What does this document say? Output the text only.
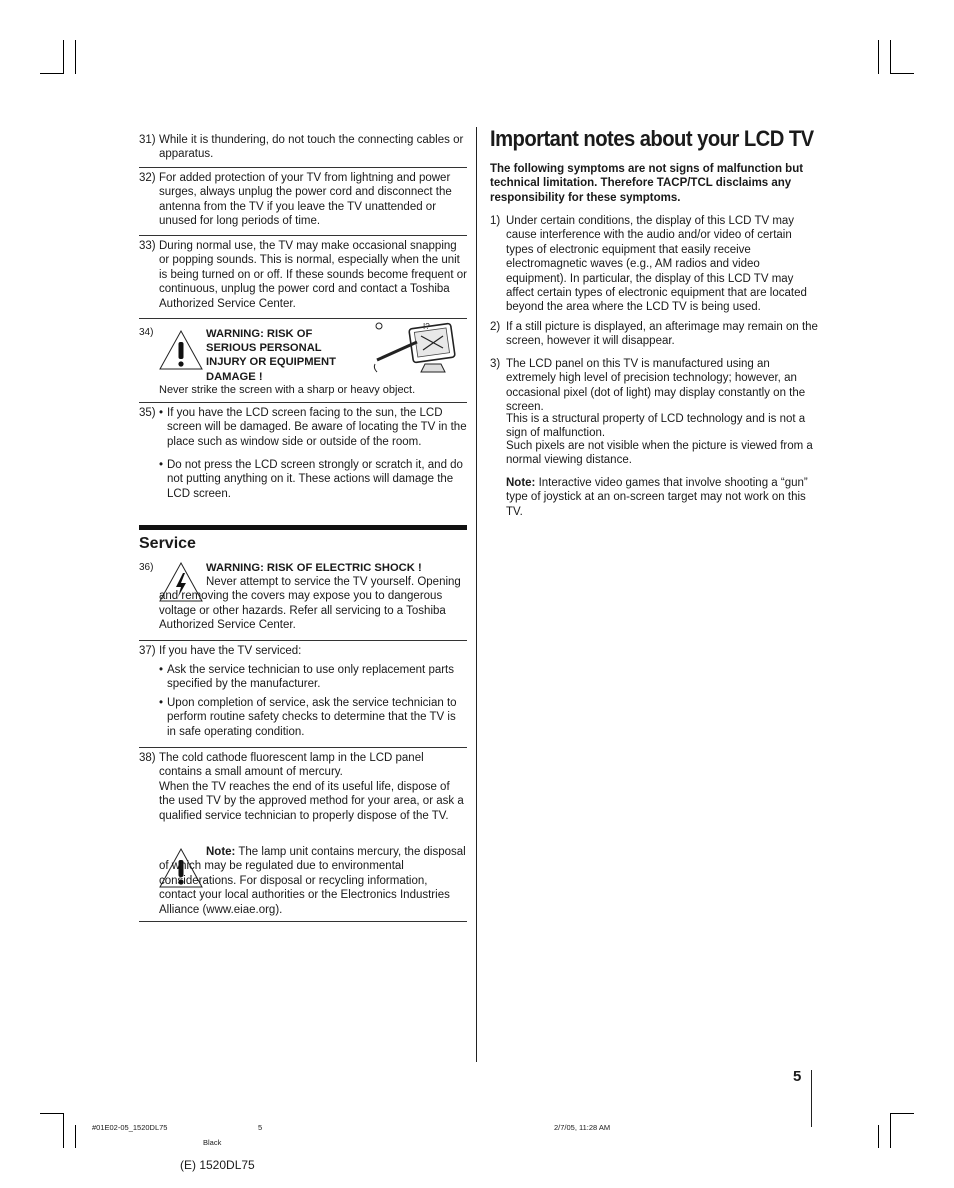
31) While it is thundering, do not touch the connecting cables or apparatus.
32) For added protection of your TV from lightning and power surges, always unplug the power cord and disconnect the antenna from the TV if you leave the TV unattended or unused for long periods of time.
33) During normal use, the TV may make occasional snapping or popping sounds. This is normal, especially when the unit is being turned on or off. If these sounds become frequent or continuous, unplug the power cord and contact a Toshiba Authorized Service Center.
34)	WARNING: RISK OF SERIOUS PERSONAL INJURY OR EQUIPMENT DAMAGE !
!?
Never strike the screen with a sharp or heavy object.
35) • If you have the LCD screen facing to the sun, the LCD screen will be damaged. Be aware of locating the TV in the place such as window side or outside of the room.
• Do not press the LCD screen strongly or scratch it, and do not putting anything on it. These actions will damage the LCD screen.
Service
36)	WARNING: RISK OF ELECTRIC SHOCK !
Never attempt to service the TV yourself. Opening and removing the covers may expose you to dangerous voltage or other hazards. Refer all servicing to a Toshiba Authorized Service Center.
37) If you have the TV serviced:
• Ask the service technician to use only replacement parts specified by the manufacturer.
• Upon completion of service, ask the service technician to perform routine safety checks to determine that the TV is in safe operating condition.
38) The cold cathode fluorescent lamp in the LCD panel contains a small amount of mercury.
When the TV reaches the end of its useful life, dispose of the used TV by the approved method for your area, or ask a qualified service technician to properly dispose of the TV.
Note: The lamp unit contains mercury, the disposal of which may be regulated due to environmental considerations. For disposal or recycling information, contact your local authorities or the Electronics Industries Alliance (www.eiae.org).
Important notes about your LCD TV
The following symptoms are not signs of malfunction but technical limitation. Therefore TACP/TCL disclaims any responsibility for these symptoms.
1) Under certain conditions, the display of this LCD TV may cause interference with the audio and/or video of certain types of electronic equipment that easily receive electromagnetic waves (e.g., AM radios and video equipment). In particular, the display of this LCD TV may affect certain types of electronic equipment that are located beyond the area where the LCD TV is being used.
2) If a still picture is displayed, an afterimage may remain on the screen, however it will disappear.
3) The LCD panel on this TV is manufactured using an extremely high level of precision technology; however, an occasional pixel (dot of light) may display constantly on the screen.
This is a structural property of LCD technology and is not a sign of malfunction.
Such pixels are not visible when the picture is viewed from a normal viewing distance.
Note: Interactive video games that involve shooting a “gun” type of joystick at an on-screen target may not work on this TV.
5
#01E02-05_1520DL75	5	2/7/05, 11:28 AM
Black
(E) 1520DL75
